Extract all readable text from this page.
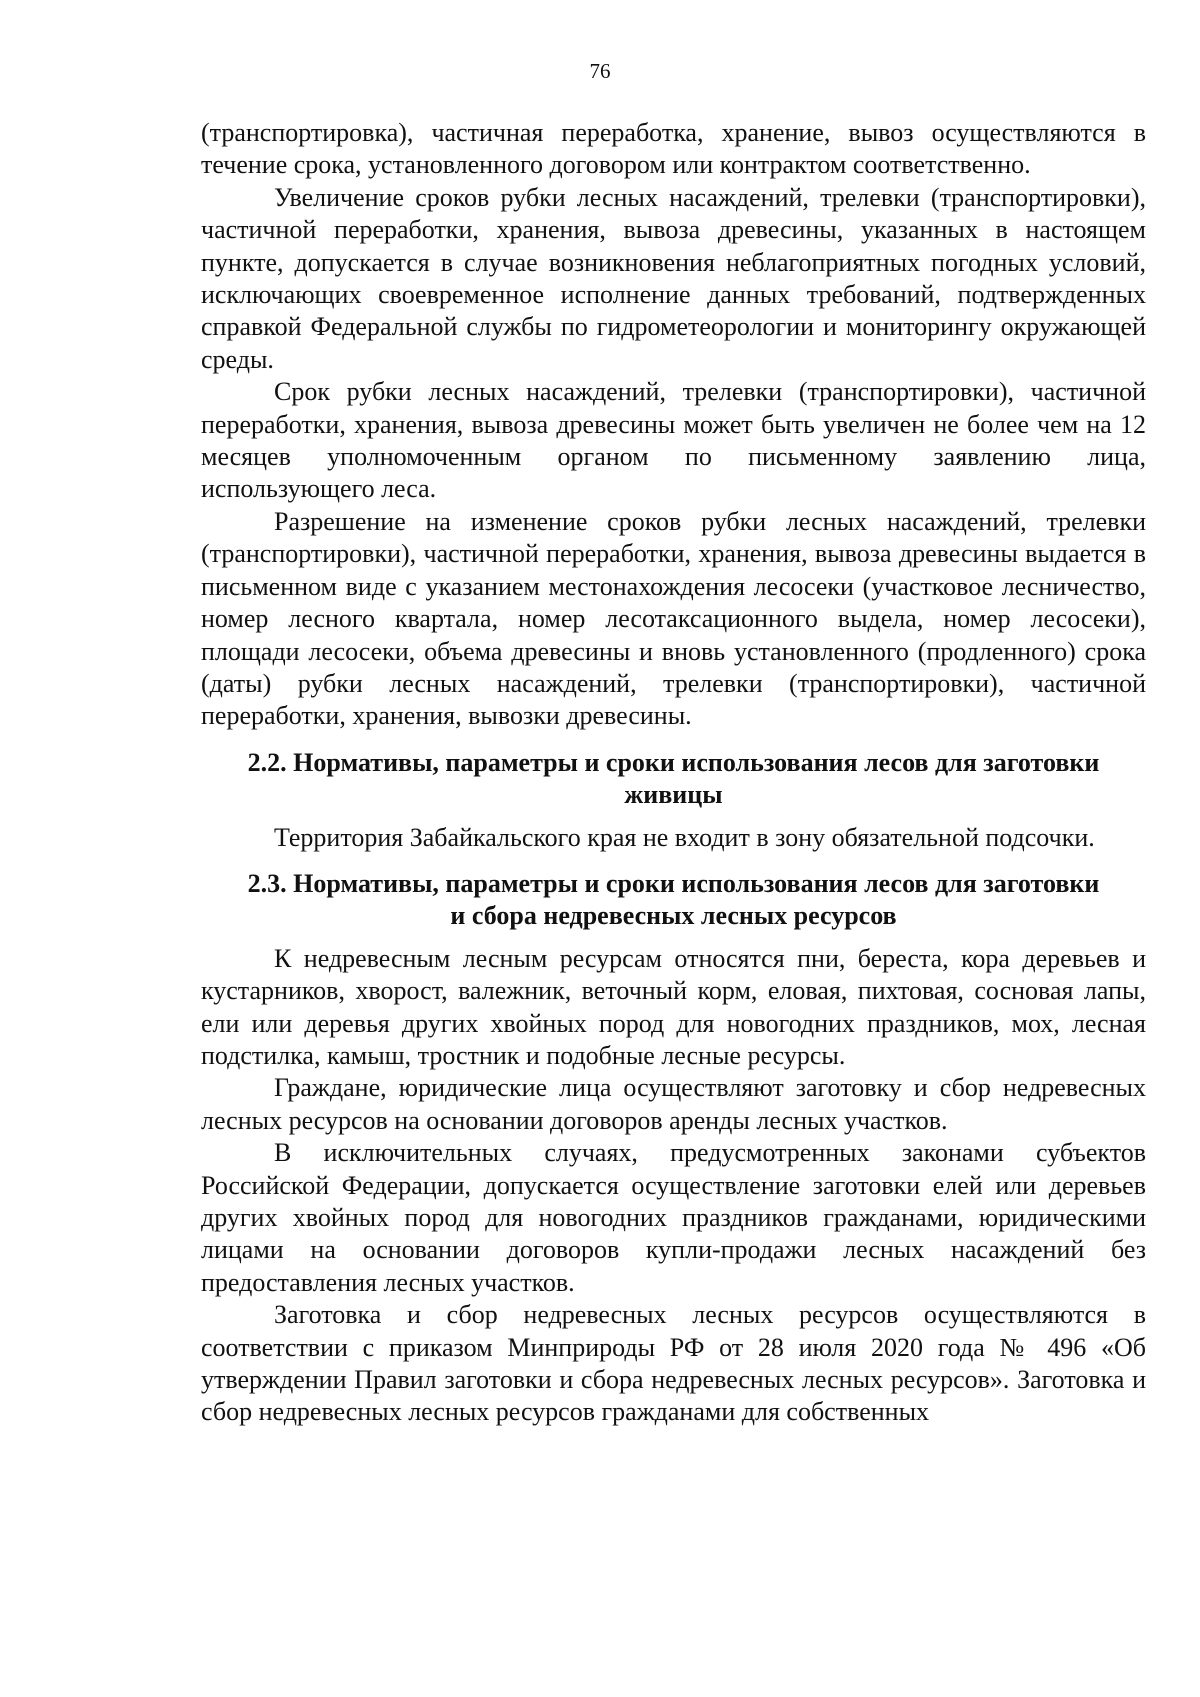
76

(транспортировка), частичная переработка, хранение, вывоз осуществляются в течение срока, установленного договором или контрактом соответственно.

Увеличение сроков рубки лесных насаждений, трелевки (транспортировки), частичной переработки, хранения, вывоза древесины, указанных в настоящем пункте, допускается в случае возникновения неблагоприятных погодных условий, исключающих своевременное исполнение данных требований, подтвержденных справкой Федеральной службы по гидрометеорологии и мониторингу окружающей среды.

Срок рубки лесных насаждений, трелевки (транспортировки), частичной переработки, хранения, вывоза древесины может быть увеличен не более чем на 12 месяцев уполномоченным органом по письменному заявлению лица, использующего леса.

Разрешение на изменение сроков рубки лесных насаждений, трелевки (транспортировки), частичной переработки, хранения, вывоза древесины выдается в письменном виде с указанием местонахождения лесосеки (участковое лесничество, номер лесного квартала, номер лесотаксационного выдела, номер лесосеки), площади лесосеки, объема древесины и вновь установленного (продленного) срока (даты) рубки лесных насаждений, трелевки (транспортировки), частичной переработки, хранения, вывозки древесины.

2.2. Нормативы, параметры и сроки использования лесов для заготовки
живицы

Территория Забайкальского края не входит в зону обязательной подсочки.

2.3. Нормативы, параметры и сроки использования лесов для заготовки
и сбора недревесных лесных ресурсов

К недревесным лесным ресурсам относятся пни, береста, кора деревьев и кустарников, хворост, валежник, веточный корм, еловая, пихтовая, сосновая лапы, ели или деревья других хвойных пород для новогодних праздников, мох, лесная подстилка, камыш, тростник и подобные лесные ресурсы.

Граждане, юридические лица осуществляют заготовку и сбор недревесных лесных ресурсов на основании договоров аренды лесных участков.

В исключительных случаях, предусмотренных законами субъектов Российской Федерации, допускается осуществление заготовки елей или деревьев других хвойных пород для новогодних праздников гражданами, юридическими лицами на основании договоров купли-продажи лесных насаждений без предоставления лесных участков.

Заготовка и сбор недревесных лесных ресурсов осуществляются в соответствии с приказом Минприроды РФ от 28 июля 2020 года № 496 «Об утверждении Правил заготовки и сбора недревесных лесных ресурсов». Заготовка и сбор недревесных лесных ресурсов гражданами для собственных
